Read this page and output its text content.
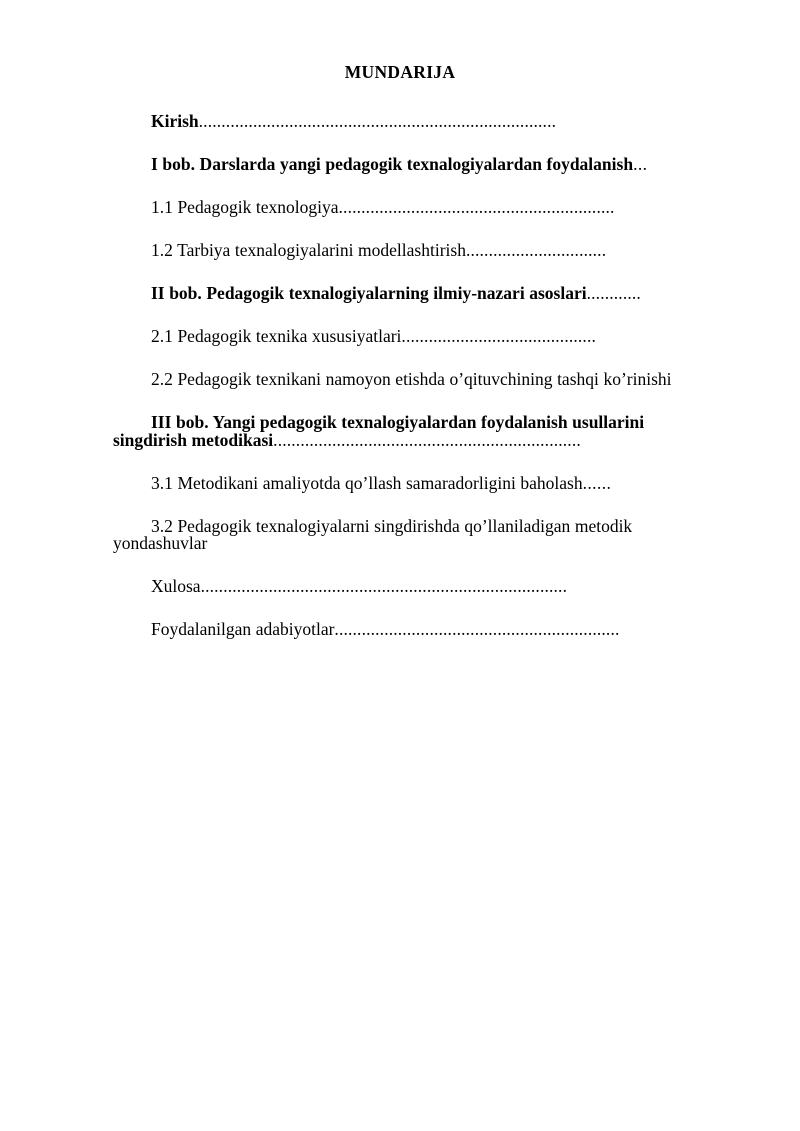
MUNDARIJA
Kirish...............................................................................
I bob. Darslarda yangi pedagogik texnalogiyalardan foydalanish...
1.1 Pedagogik texnologiya.............................................................
1.2 Tarbiya texnalogiyalarini modellashtirish...............................
II bob. Pedagogik texnalogiyalarning ilmiy-nazari asoslari............
2.1 Pedagogik texnika xususiyatlari...........................................
2.2 Pedagogik texnikani namoyon etishda o’qituvchining tashqi ko’rinishi
III bob. Yangi pedagogik texnalogiyalardan foydalanish usullarini singdirish metodikasi....................................................................
3.1 Metodikani amaliyotda qo’llash samaradorligini baholash......
3.2 Pedagogik texnalogiyalarni singdirishda qo’llaniladigan metodik yondashuvlar
Xulosa.................................................................................
Foydalanilgan adabiyotlar...............................................................
